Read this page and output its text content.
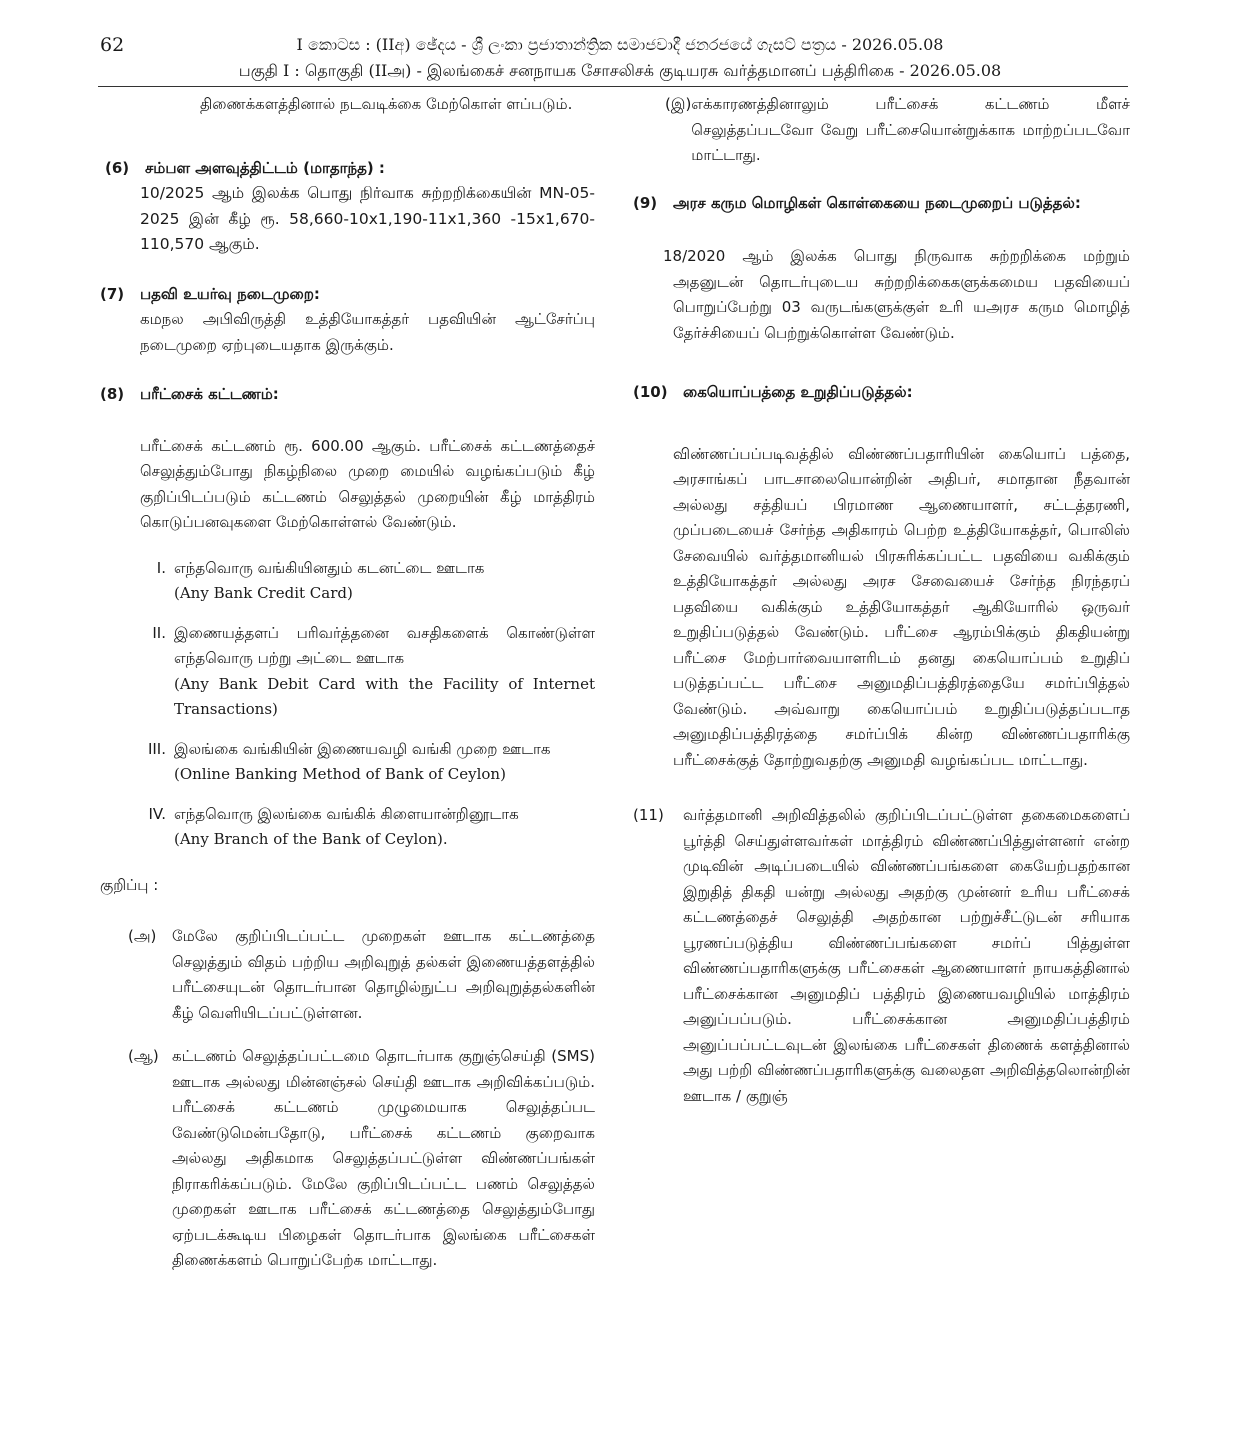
62	I කොටස : (IIඅ) ඡේදය - ශ්‍රී ලංකා ප්‍රජාතාන්ත්‍රික සමාජවාදී ජනරජයේ ගැසට් පත්‍රය - 2026.05.08
பகுதி I : தொகுதி (IIஅ) - இலங்கைச் சனநாயக சோசலிசக் குடியரசு வர்த்தமானப் பத்திரிகை - 2026.05.08
திணைக்களத்தினால் நடவடிக்கை மேற்கொள் ளப்படும்.
(6) சம்பள அளவுத்திட்டம் (மாதாந்த) :
10/2025 ஆம் இலக்க பொது நிர்வாக சுற்றறிக்கையின் MN-05-2025 இன் கீழ் ரூ. 58,660-10x1,190-11x1,360 -15x1,670-110,570 ஆகும்.
(7) பதவி உயர்வு நடைமுறை:
கமநல அபிவிருத்தி உத்தியோகத்தர் பதவியின் ஆட்சேர்ப்பு நடைமுறை ஏற்புடையதாக இருக்கும்.
(8) பரீட்சைக் கட்டணம்:
பரீட்சைக் கட்டணம் ரூ. 600.00 ஆகும். பரீட்சைக் கட்டணத்தைச் செலுத்தும்போது நிகழ்நிலை முறை மையில் வழங்கப்படும் கீழ் குறிப்பிடப்படும் கட்டணம் செலுத்தல் முறையின் கீழ் மாத்திரம் கொடுப்பனவுகளை மேற்கொள்ளல் வேண்டும்.
I. எந்தவொரு வங்கியினதும் கடனட்டை ஊடாக
(Any Bank Credit Card)
II. இணையத்தளப் பரிவர்த்தனை வசதிகளைக் கொண்டுள்ள எந்தவொரு பற்று அட்டை ஊடாக
(Any Bank Debit Card with the Facility of Internet Transactions)
III. இலங்கை வங்கியின் இணையவழி வங்கி முறை ஊடாக
(Online Banking Method of Bank of Ceylon)
IV. எந்தவொரு இலங்கை வங்கிக் கிளையான்றினூடாக
(Any Branch of the Bank of Ceylon).
குறிப்பு :
(அ)	மேலே குறிப்பிடப்பட்ட முறைகள் ஊடாக கட்டணத்தை செலுத்தும் விதம் பற்றிய அறிவுறுத் தல்கள் இணையத்தளத்தில் பரீட்சையுடன் தொடர்பான தொழில்நுட்ப அறிவுறுத்தல்களின் கீழ் வெளியிடப்பட்டுள்ளன.
(ஆ) கட்டணம் செலுத்தப்பட்டமை தொடர்பாக குறுஞ்செய்தி (SMS) ஊடாக அல்லது மின்னஞ்சல் செய்தி ஊடாக அறிவிக்கப்படும். பரீட்சைக் கட்டணம் முழுமையாக செலுத்தப்பட வேண்டுமென்பதோடு, பரீட்சைக் கட்டணம் குறைவாக அல்லது அதிகமாக செலுத்தப்பட்டுள்ள விண்ணப்பங்கள் நிராகரிக்கப்படும். மேலே குறிப்பிடப்பட்ட பணம் செலுத்தல் முறைகள் ஊடாக பரீட்சைக் கட்டணத்தை செலுத்தும்போது ஏற்படக்கூடிய பிழைகள் தொடர்பாக இலங்கை பரீட்சைகள் திணைக்களம் பொறுப்பேற்க மாட்டாது.
(இ) எக்காரணத்தினாலும் பரீட்சைக் கட்டணம் மீளச் செலுத்தப்படவோ வேறு பரீட்சையொன்றுக்காக மாற்றப்படவோ மாட்டாது.
(9)	அரச கரும மொழிகள் கொள்கையை நடைமுறைப் படுத்தல்:
18/2020 ஆம் இலக்க பொது நிருவாக சுற்றறிக்கை மற்றும் அதனுடன் தொடர்புடைய சுற்றறிக்கைகளுக்கமைய பதவியைப் பொறுப்பேற்று 03 வருடங்களுக்குள் உரி யஅரச கரும மொழித் தேர்ச்சியைப் பெற்றுக்கொள்ள வேண்டும்.
(10)	கையொப்பத்தை உறுதிப்படுத்தல்:
விண்ணப்பப்படிவத்தில் விண்ணப்பதாரியின் கையொப் பத்தை, அரசாங்கப் பாடசாலையொன்றின் அதிபர், சமாதான நீதவான் அல்லது சத்தியப் பிரமாண ஆணையாளர், சட்டத்தரணி, முப்படையைச் சேர்ந்த அதிகாரம் பெற்ற உத்தியோகத்தர், பொலிஸ் சேவையில் வர்த்தமானியல் பிரசுரிக்கப்பட்ட பதவியை வகிக்கும் உத்தியோகத்தர் அல்லது அரச சேவையைச் சேர்ந்த நிரந்தரப் பதவியை வகிக்கும் உத்தியோகத்தர் ஆகியோரில் ஒருவர் உறுதிப்படுத்தல் வேண்டும். பரீட்சை ஆரம்பிக்கும் திகதியன்று பரீட்சை மேற்பார்வையாளரிடம் தனது கையொப்பம் உறுதிப் படுத்தப்பட்ட பரீட்சை அனுமதிப்பத்திரத்தையே சமர்ப்பித்தல் வேண்டும். அவ்வாறு கையொப்பம் உறுதிப்படுத்தப்படாத அனுமதிப்பத்திரத்தை சமர்ப்பிக் கின்ற விண்ணப்பதாரிக்கு பரீட்சைக்குத் தோற்றுவதற்கு அனுமதி வழங்கப்பட மாட்டாது.
(11)	வர்த்தமானி அறிவித்தலில் குறிப்பிடப்பட்டுள்ள தகைமைகளைப் பூர்த்தி செய்துள்ளவர்கள் மாத்திரம் விண்ணப்பித்துள்ளனர் என்ற முடிவின் அடிப்படையில் விண்ணப்பங்களை கையேற்பதற்கான இறுதித் திகதி யன்று அல்லது அதற்கு முன்னர் உரிய பரீட்சைக் கட்டணத்தைச் செலுத்தி அதற்கான பற்றுச்சீட்டுடன் சரியாக பூரணப்படுத்திய விண்ணப்பங்களை சமர்ப் பித்துள்ள விண்ணப்பதாரிகளுக்கு பரீட்சைகள் ஆணையாளர் நாயகத்தினால் பரீட்சைக்கான அனுமதிப் பத்திரம் இணையவழியில் மாத்திரம் அனுப்பப்படும். பரீட்சைக்கான அனுமதிப்பத்திரம் அனுப்பப்பட்டவுடன் இலங்கை பரீட்சைகள் திணைக் களத்தினால் அது பற்றி விண்ணப்பதாரிகளுக்கு வலைதள அறிவித்தலொன்றின் ஊடாக / குறுஞ்
